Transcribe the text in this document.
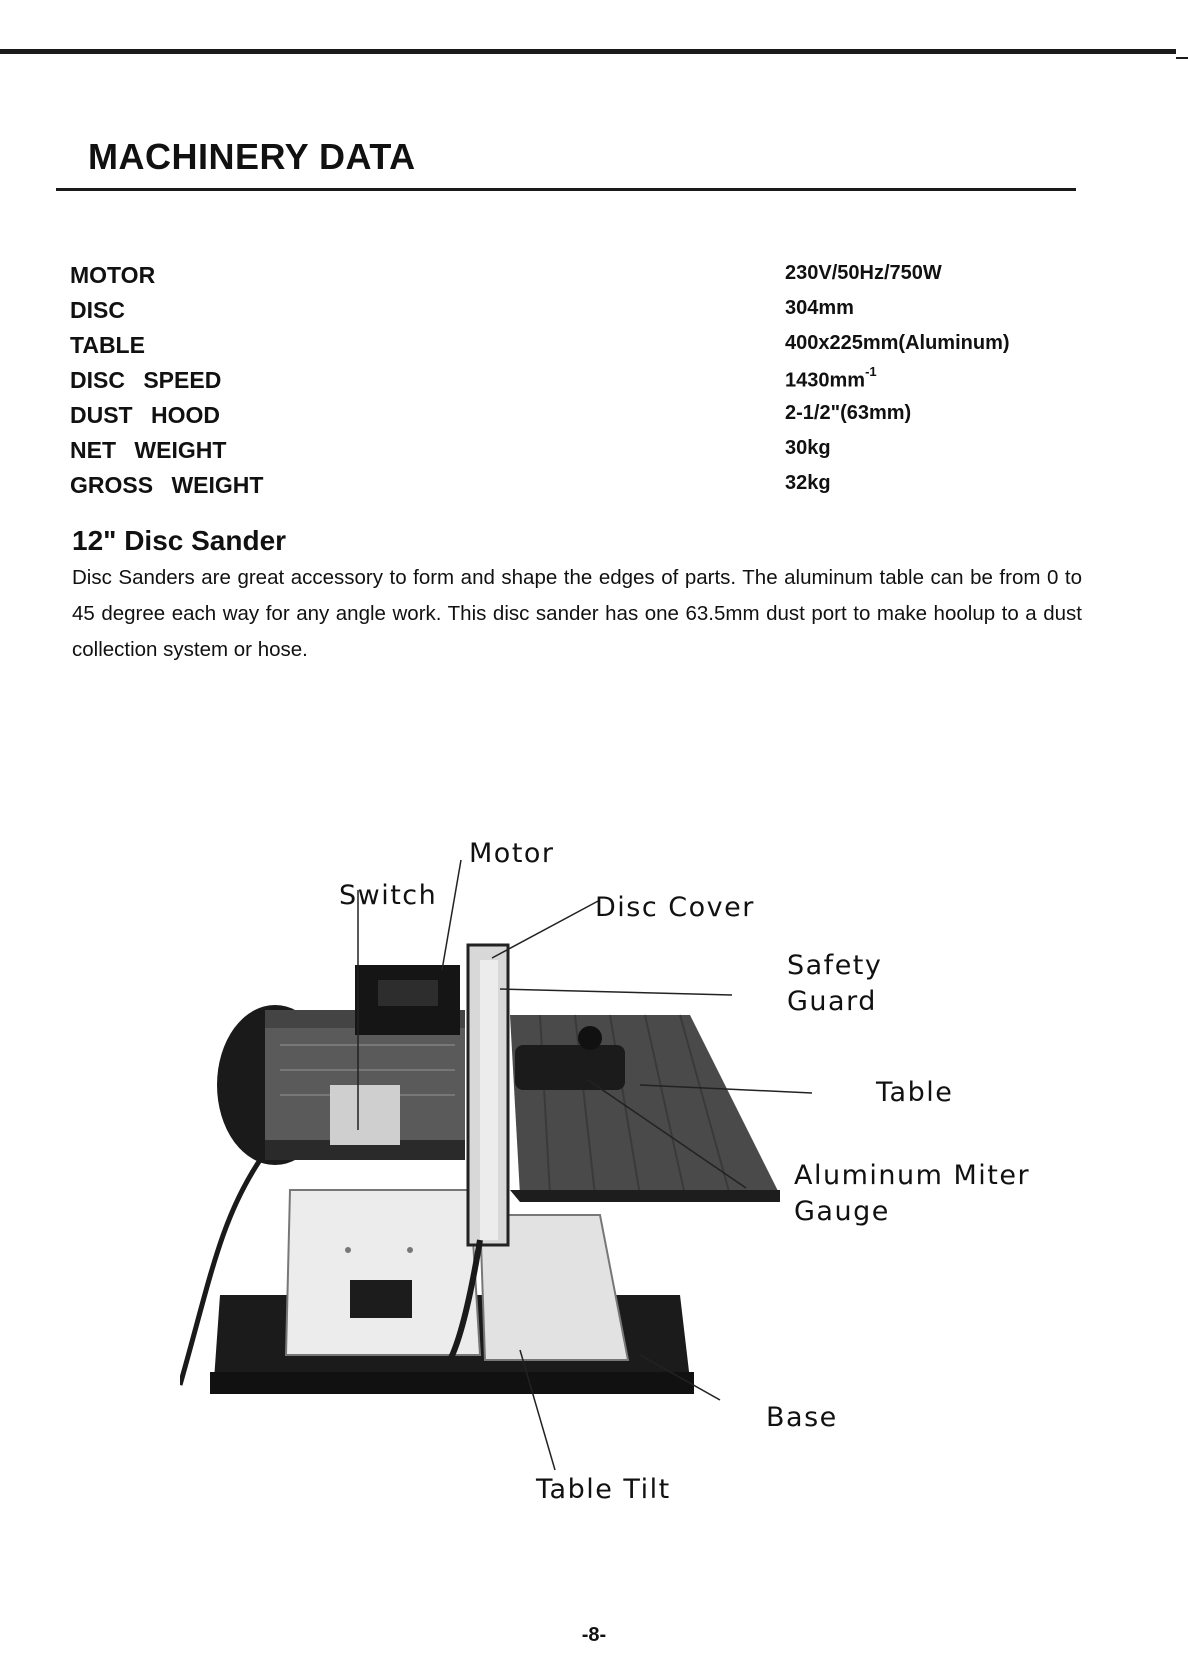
MACHINERY DATA
MOTOR	230V/50Hz/750W
DISC	304mm
TABLE	400x225mm(Aluminum)
DISC SPEED	$1430mm^{-1}$
DUST HOOD	2-1/2"(63mm)
NET WEIGHT	30kg
GROSS WEIGHT	32kg
12" Disc Sander

Disc Sanders are great accessory to form and shape the edges of parts. The aluminum table can be from 0 to 45 degree each way for any angle work. This disc sander has one 63.5mm dust port to make hoolup to a dust collection system or hose.

Motor
Switch	Disc Cover
Safety Guard
Table
Aluminum Miter Gauge
Base
Table Tilt
-8-
